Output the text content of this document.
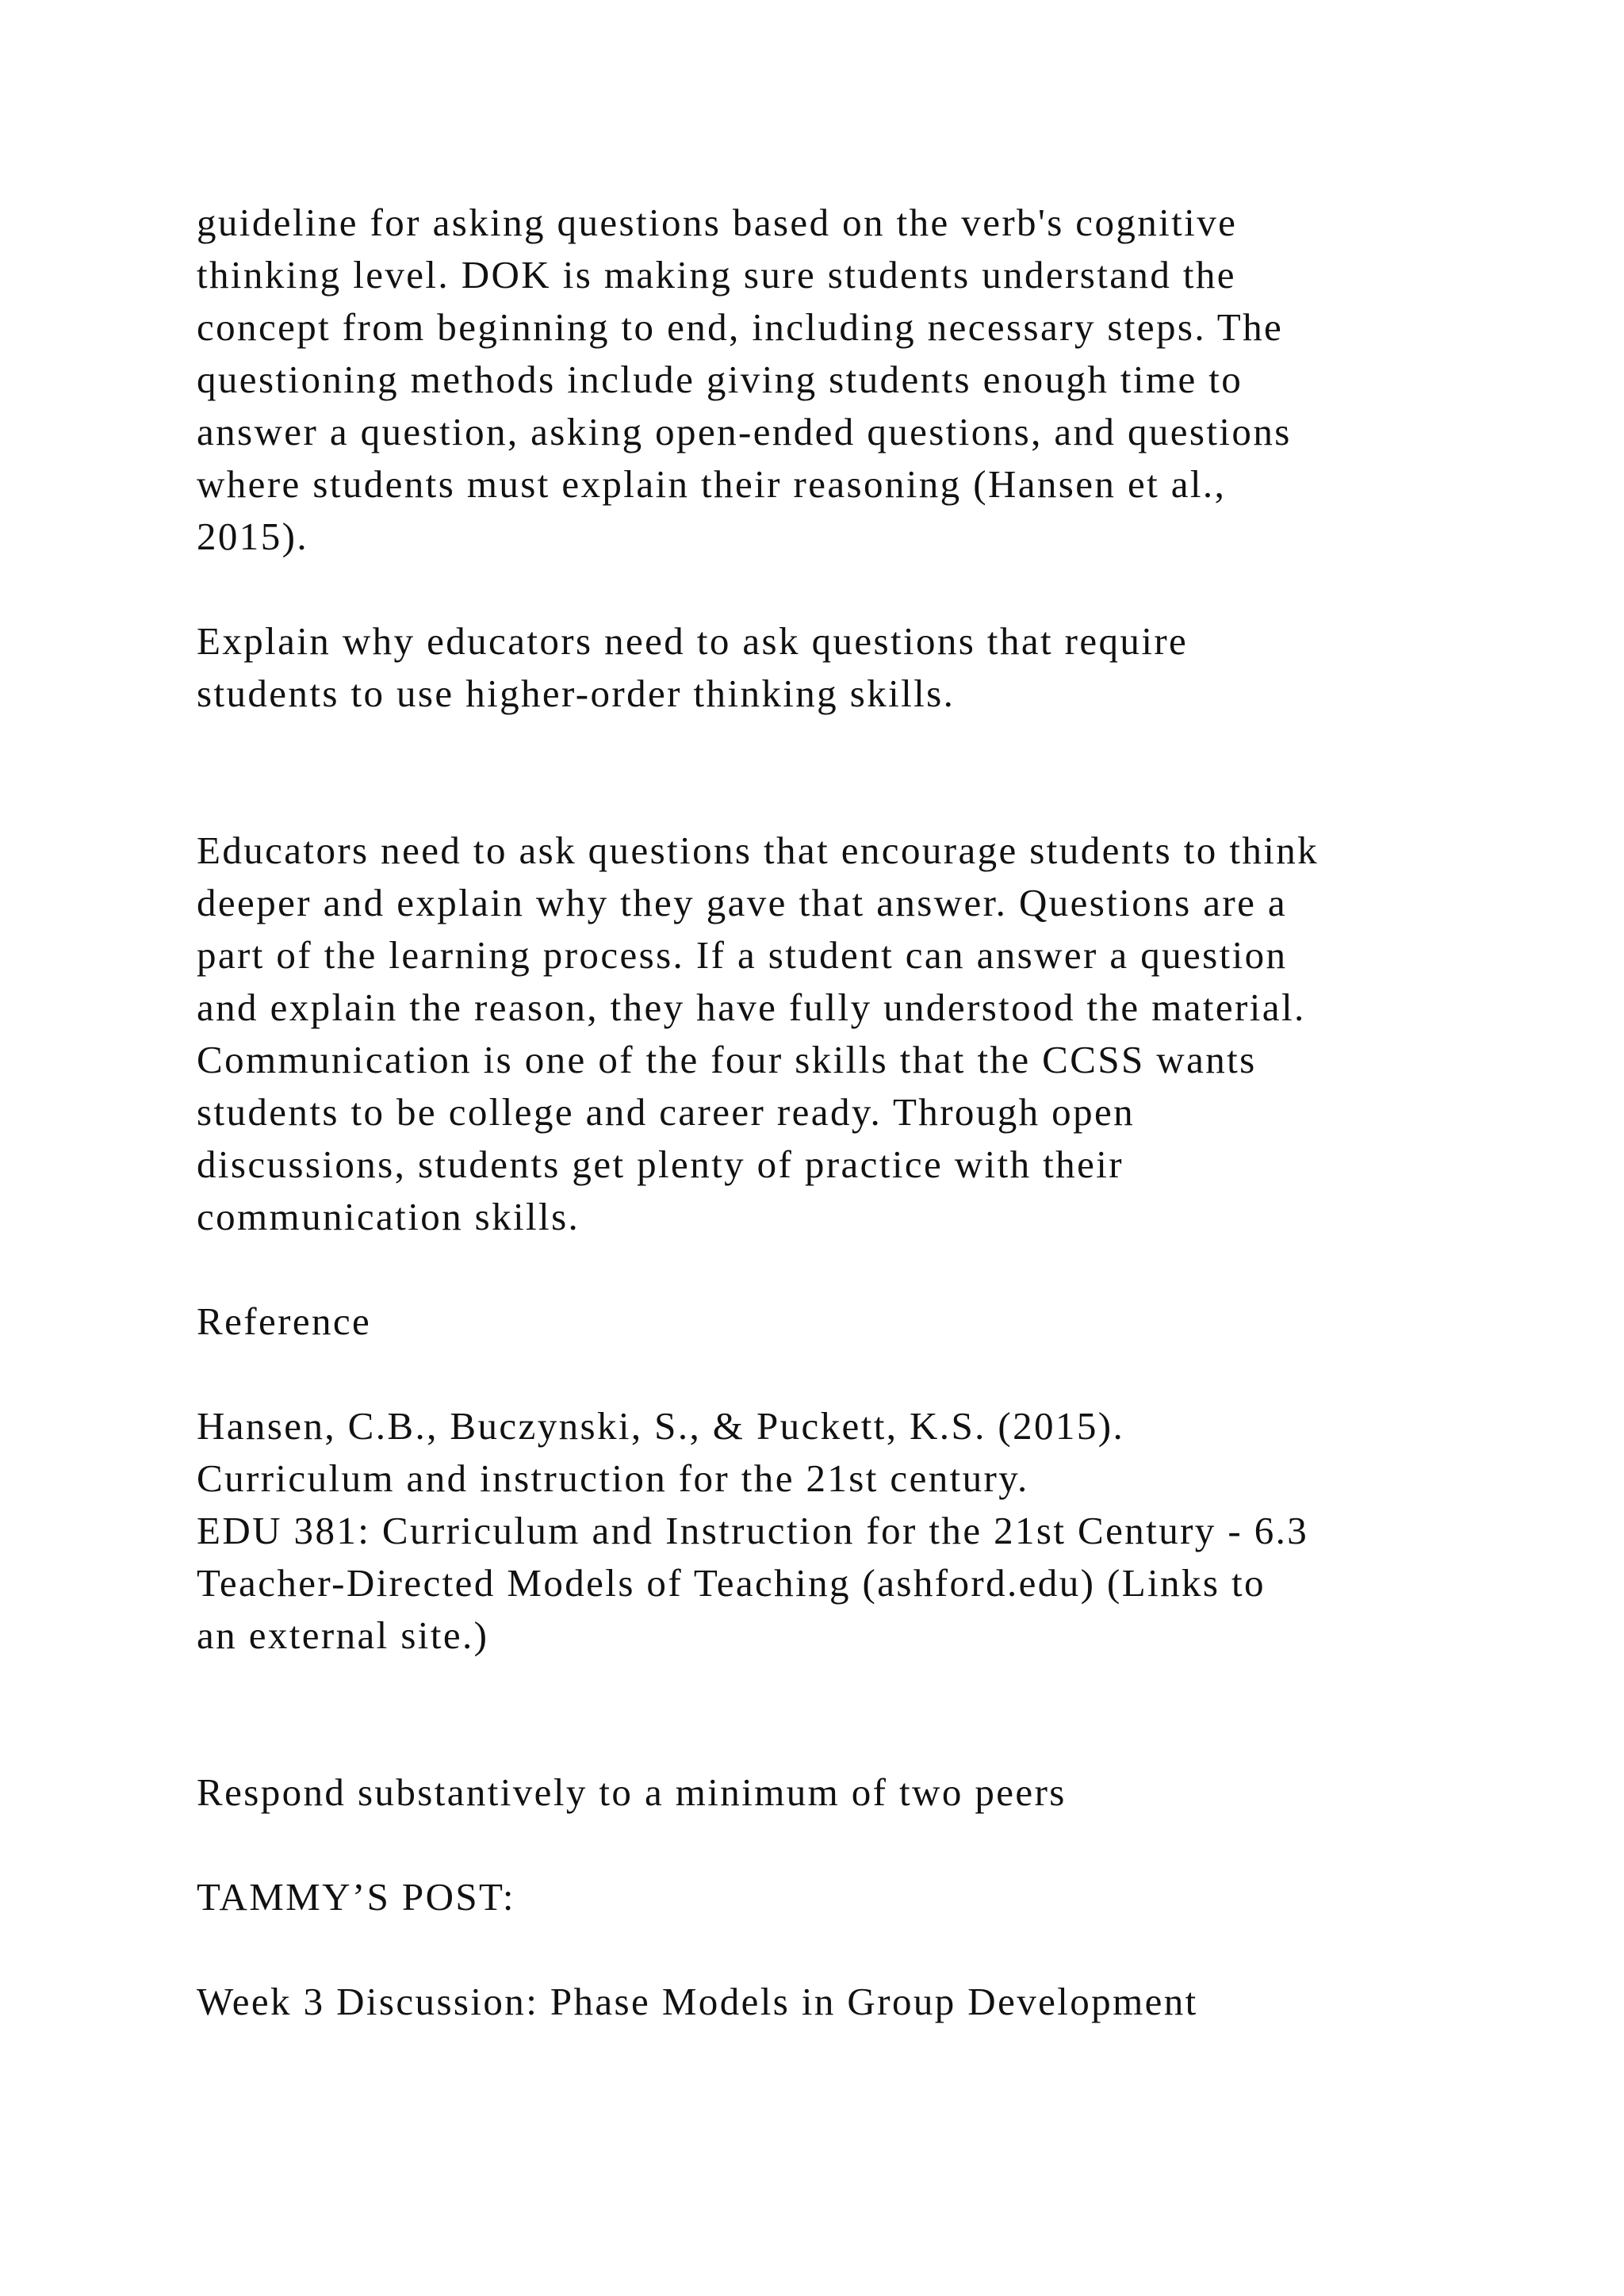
guideline for asking questions based on the verb's cognitive
thinking level. DOK is making sure students understand the
concept from beginning to end, including necessary steps. The
questioning methods include giving students enough time to
answer a question, asking open-ended questions, and questions
where students must explain their reasoning (Hansen et al.,
2015).
Explain why educators need to ask questions that require
students to use higher-order thinking skills.
Educators need to ask questions that encourage students to think
deeper and explain why they gave that answer. Questions are a
part of the learning process. If a student can answer a question
and explain the reason, they have fully understood the material.
Communication is one of the four skills that the CCSS wants
students to be college and career ready. Through open
discussions, students get plenty of practice with their
communication skills.
Reference
Hansen, C.B., Buczynski, S., & Puckett, K.S. (2015).
Curriculum and instruction for the 21st century.
EDU 381: Curriculum and Instruction for the 21st Century - 6.3
Teacher-Directed Models of Teaching (ashford.edu) (Links to
an external site.)
Respond substantively to a minimum of two peers
TAMMY’S POST:
Week 3 Discussion: Phase Models in Group Development
